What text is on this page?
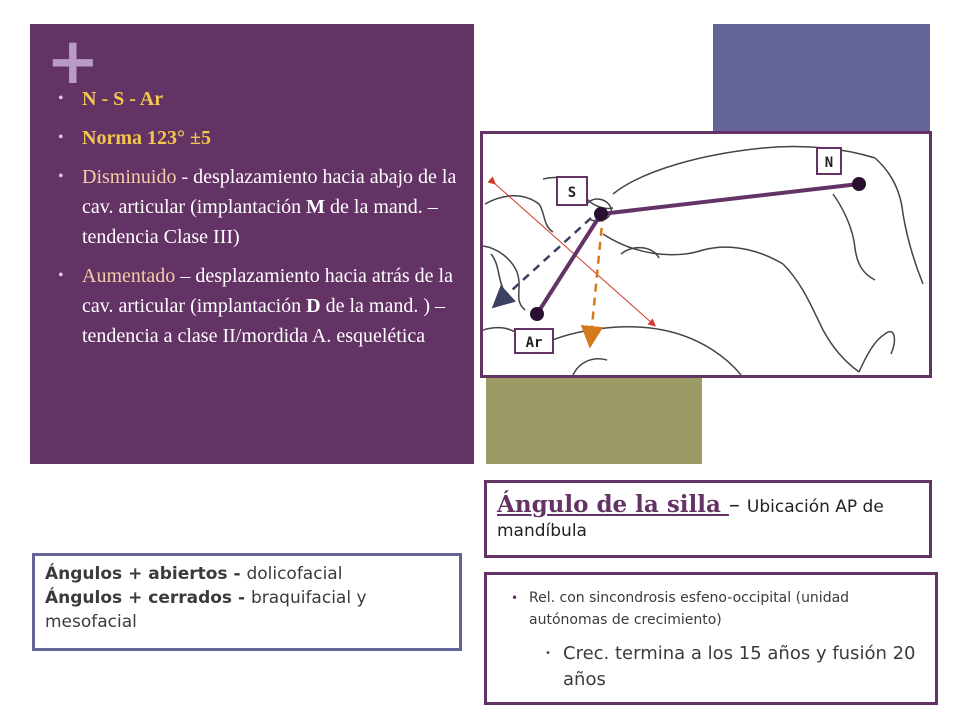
+
• N - S - Ar
• Norma 123° ±5
• Disminuido - desplazamiento hacia abajo de la cav. articular (implantación M de la mand. – tendencia Clase III)
• Aumentado – desplazamiento hacia atrás de la cav. articular (implantación D de la mand. ) – tendencia a clase II/mordida A. esquelética
N
S
Ar
Ángulo de la silla – Ubicación AP de mandíbula
• Rel. con sincondrosis esfeno-occipital (unidad autónomas de crecimiento)
• Crec. termina a los 15 años y fusión 20 años
Ángulos + abiertos - dolicofacial
Ángulos + cerrados - braquifacial y mesofacial
